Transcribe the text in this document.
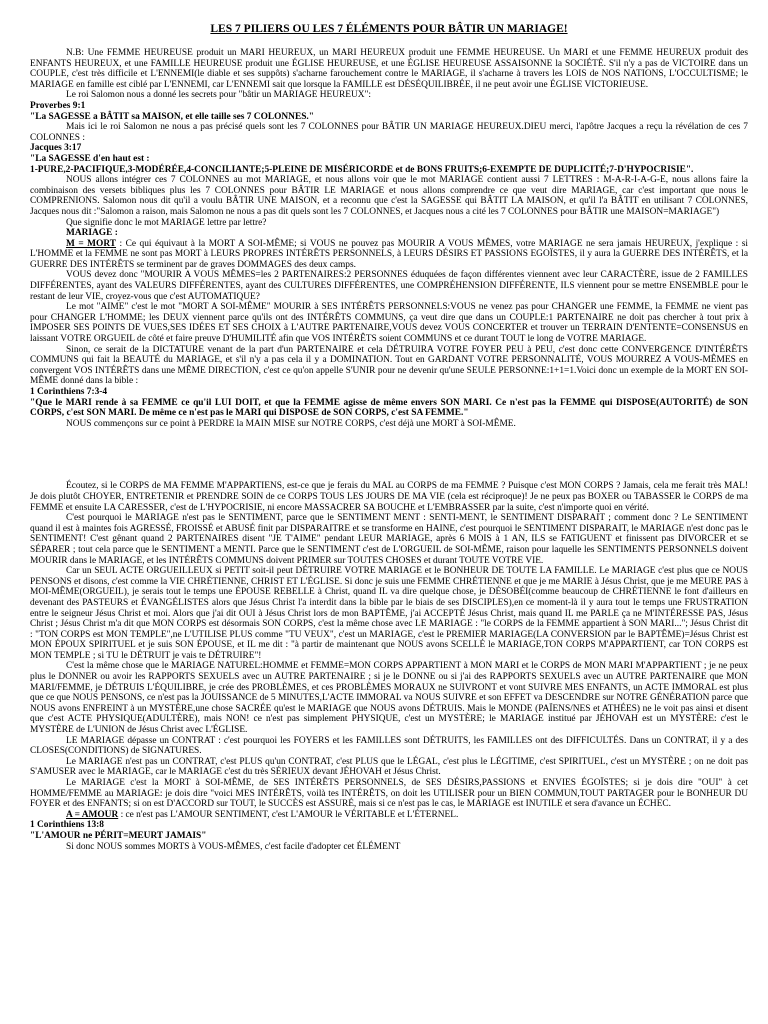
LES 7 PILIERS OU LES 7 ÉLÉMENTS POUR BÂTIR UN MARIAGE!

N.B: Une FEMME HEUREUSE produit un MARI HEUREUX, un MARI HEUREUX produit une FEMME HEUREUSE. Un MARI et une FEMME HEUREUX produit des ENFANTS HEUREUX, et une FAMILLE HEUREUSE produit une ÉGLISE HEUREUSE, et une ÉGLISE HEUREUSE ASSAISONNE la SOCIÉTÉ. S'il n'y a pas de VICTOIRE dans un COUPLE, c'est très difficile et L'ENNEMI(le diable et ses suppôts) s'acharne farouchement contre le MARIAGE, il s'acharne à travers les LOIS de NOS NATIONS, L'OCCULTISME; le MARIAGE en famille est ciblé par L'ENNEMI, car L'ENNEMI sait que lorsque la FAMILLE est DÉSÉQUILIBRÉE, il ne peut avoir une ÉGLISE VICTORIEUSE.

Le roi Salomon nous a donné les secrets pour "bâtir un MARIAGE HEUREUX":

Proverbes 9:1

"La SAGESSE a BÂTIT sa MAISON, et elle taille ses 7 COLONNES."

Mais ici le roi Salomon ne nous a pas précisé quels sont les 7 COLONNES pour BÂTIR UN MARIAGE HEUREUX.DIEU merci, l'apôtre Jacques a reçu la révélation de ces 7 COLONNES :

Jacques 3:17

"La SAGESSE d'en haut est :

1-PURE,2-PACIFIQUE,3-MODÉRÉE,4-CONCILIANTE;5-PLEINE DE MISÉRICORDE et de BONS FRUITS;6-EXEMPTE DE DUPLICITÉ;7-D'HYPOCRISIE".

NOUS allons intégrer ces 7 COLONNES au mot MARIAGE, et nous allons voir que le mot MARIAGE contient aussi 7 LETTRES : M-A-R-I-A-G-E, nous allons faire la combinaison des versets bibliques plus les 7 COLONNES pour BÂTIR LE MARIAGE et nous allons comprendre ce que veut dire MARIAGE, car c'est important que nous le COMPRENIONS. Salomon nous dit qu'il a voulu BÂTIR UNE MAISON, et a reconnu que c'est la SAGESSE qui BÂTIT LA MAISON, et qu'il l'a BÂTIT en utilisant 7 COLONNES, Jacques nous dit :"Salomon a raison, mais Salomon ne nous a pas dit quels sont les 7 COLONNES, et Jacques nous a cité les 7 COLONNES pour BÂTIR une MAISON=MARIAGE")

Que signifie donc le mot MARIAGE lettre par lettre?

MARIAGE :

M = MORT : Ce qui équivaut à la MORT A SOI-MÊME; si VOUS ne pouvez pas MOURIR A VOUS MÊMES, votre MARIAGE ne sera jamais HEUREUX, j'explique : si L'HOMME et la FEMME ne sont pas MORT à LEURS PROPRES INTÉRÊTS PERSONNELS, à LEURS DÉSIRS ET PASSIONS EGOÏSTES, il y aura la GUERRE DES INTÉRÊTS, et la GUERRE DES INTÉRÊTS se terminent par de graves DOMMAGES des deux camps.

VOUS devez donc "MOURIR A VOUS MÊMES=les 2 PARTENAIRES:2 PERSONNES éduquées de façon différentes viennent avec leur CARACTÈRE, issue de 2 FAMILLES DIFFÉRENTES, ayant des VALEURS DIFFÉRENTES, ayant des CULTURES DIFFÉRENTES, une COMPRÉHENSION DIFFÉRENTE, ILS viennent pour se mettre ENSEMBLE pour le restant de leur VIE, croyez-vous que c'est AUTOMATIQUE?

Le mot "AIME" c'est le mot "MORT A SOI-MÊME" MOURIR à SES INTÉRÊTS PERSONNELS:VOUS ne venez pas pour CHANGER une FEMME, la FEMME ne vient pas pour CHANGER L'HOMME; les DEUX viennent parce qu'ils ont des INTÉRÊTS COMMUNS, ça veut dire que dans un COUPLE:1 PARTENAIRE ne doit pas chercher à tout prix à IMPOSER SES POINTS DE VUES,SES IDÉES ET SES CHOIX à L'AUTRE PARTENAIRE,VOUS devez VOUS CONCERTER et trouver un TERRAIN D'ENTENTE=CONSENSUS en laissant VOTRE ORGUEIL de côté et faire preuve D'HUMILITÉ afin que VOS INTÉRÊTS soient COMMUNS et ce durant TOUT le long de VOTRE MARIAGE.

Sinon, ce serait de la DICTATURE venant de la part d'un PARTENAIRE et cela DÉTRUIRA VOTRE FOYER PEU à PEU, c'est donc cette CONVERGENCE D'INTÉRÊTS COMMUNS qui fait la BEAUTÉ du MARIAGE, et s'il n'y a pas cela il y a DOMINATION. Tout en GARDANT VOTRE PERSONNALITÉ, VOUS MOURREZ A VOUS-MÊMES en convergent VOS INTÉRÊTS dans une MÊME DIRECTION, c'est ce qu'on appelle S'UNIR pour ne devenir qu'une SEULE PERSONNE:1+1=1.Voici donc un exemple de la MORT EN SOI-MÊME donné dans la bible :

1 Corinthiens 7:3-4

"Que le MARI rende à sa FEMME ce qu'il LUI DOIT, et que la FEMME agisse de même envers SON MARI. Ce n'est pas la FEMME qui DISPOSE(AUTORITÉ) de SON CORPS, c'est SON MARI. De même ce n'est pas le MARI qui DISPOSE de SON CORPS, c'est SA FEMME."

NOUS commençons sur ce point à PERDRE la MAIN MISE sur NOTRE CORPS, c'est déjà une MORT à SOI-MÊME.

Écoutez, si le CORPS de MA FEMME M'APPARTIENS, est-ce que je ferais du MAL au CORPS de ma FEMME ? Puisque c'est MON CORPS ? Jamais, cela me ferait très MAL! Je dois plutôt CHOYER, ENTRETENIR et PRENDRE SOIN de ce CORPS TOUS LES JOURS DE MA VIE (cela est réciproque)! Je ne peux pas BOXER ou TABASSER le CORPS de ma FEMME et ensuite LA CARESSER, c'est de L'HYPOCRISIE, ni encore MASSACRER SA BOUCHE et L'EMBRASSER par la suite, c'est n'importe quoi en vérité.

C'est pourquoi le MARIAGE n'est pas le SENTIMENT, parce que le SENTIMENT MENT : SENTI-MENT, le SENTIMENT DISPARAIT ; comment donc ? Le SENTIMENT quand il est à maintes fois AGRESSÉ, FROISSÉ et ABUSÉ finit par DISPARAITRE et se transforme en HAINE, c'est pourquoi le SENTIMENT DISPARAIT, le MARIAGE n'est donc pas le SENTIMENT! C'est gênant quand 2 PARTENAIRES disent "JE T'AIME" pendant LEUR MARIAGE, après 6 MOIS à 1 AN, ILS se FATIGUENT et finissent pas DIVORCER et se SÉPARER ; tout cela parce que le SENTIMENT a MENTI. Parce que le SENTIMENT c'est de L'ORGUEIL de SOI-MÊME, raison pour laquelle les SENTIMENTS PERSONNELS doivent MOURIR dans le MARIAGE, et les INTÉRÊTS COMMUNS doivent PRIMER sur TOUTES CHOSES et durant TOUTE VOTRE VIE.

Car un SEUL ACTE ORGUEILLEUX si PETIT soit-il peut DÉTRUIRE VOTRE MARIAGE et le BONHEUR DE TOUTE LA FAMILLE. Le MARIAGE c'est plus que ce NOUS PENSONS et disons, c'est comme la VIE CHRÉTIENNE, CHRIST ET L'ÉGLISE. Si donc je suis une FEMME CHRÉTIENNE et que je me MARIE à Jésus Christ, que je me MEURE PAS à MOI-MÊME(ORGUEIL), je serais tout le temps une ÉPOUSE REBELLE à Christ, quand IL va dire quelque chose, je DÉSOBÉI(comme beaucoup de CHRÉTIENNE le font d'ailleurs en devenant des PASTEURS et ÉVANGÉLISTES alors que Jésus Christ l'a interdit dans la bible par le biais de ses DISCIPLES),en ce moment-là il y aura tout le temps une FRUSTRATION entre le seigneur Jésus Christ et moi. Alors que j'ai dit OUI à Jésus Christ lors de mon BAPTÊME, j'ai ACCEPTÉ Jésus Christ, mais quand IL me PARLE ça ne M'INTÉRESSE PAS, Jésus Christ ; Jésus Christ m'a dit que MON CORPS est désormais SON CORPS, c'est la même chose avec LE MARIAGE : "le CORPS de la FEMME appartient à SON MARI..."; Jésus Christ dit : "TON CORPS est MON TEMPLE",ne L'UTILISE PLUS comme "TU VEUX", c'est un MARIAGE, c'est le PREMIER MARIAGE(LA CONVERSION par le BAPTÊME)=Jésus Christ est MON ÉPOUX SPIRITUEL et je suis SON ÉPOUSE, et IL me dit : "à partir de maintenant que NOUS avons SCELLÉ le MARIAGE,TON CORPS M'APPARTIENT, car TON CORPS est MON TEMPLE ; si TU le DÉTRUIT je vais te DÉTRUIRE"!

C'est la même chose que le MARIAGE NATUREL:HOMME et FEMME=MON CORPS APPARTIENT à MON MARI et le CORPS de MON MARI M'APPARTIENT ; je ne peux plus le DONNER ou avoir les RAPPORTS SEXUELS avec un AUTRE PARTENAIRE ; si je le DONNE ou si j'ai des RAPPORTS SEXUELS avec un AUTRE PARTENAIRE que MON MARI/FEMME, je DÉTRUIS L'ÉQUILIBRE, je crée des PROBLÈMES, et ces PROBLÈMES MORAUX ne SUIVRONT et vont SUIVRE MES ENFANTS, un ACTE IMMORAL est plus que ce que NOUS PENSONS, ce n'est pas la JOUISSANCE de 5 MINUTES,L'ACTE IMMORAL va NOUS SUIVRE et son EFFET va DESCENDRE sur NOTRE GÉNÉRATION parce que NOUS avons ENFREINT à un MYSTÈRE,une chose SACRÉE qu'est le MARIAGE que NOUS avons DÉTRUIS. Mais le MONDE (PAÏENS/NES et ATHÉES) ne le voit pas ainsi et disent que c'est ACTE PHYSIQUE(ADULTÈRE), mais NON! ce n'est pas simplement PHYSIQUE, c'est un MYSTÈRE; le MARIAGE institué par JÉHOVAH est un MYSTÈRE: c'est le MYSTÈRE de L'UNION de Jésus Christ avec L'ÉGLISE.

LE MARIAGE dépasse un CONTRAT : c'est pourquoi les FOYERS et les FAMILLES sont DÉTRUITS, les FAMILLES ont des DIFFICULTÉS. Dans un CONTRAT, il y a des CLOSES(CONDITIONS) de SIGNATURES.

Le MARIAGE n'est pas un CONTRAT, c'est PLUS qu'un CONTRAT, c'est PLUS que le LÉGAL, c'est plus le LÉGITIME, c'est SPIRITUEL, c'est un MYSTÈRE ; on ne doit pas S'AMUSER avec le MARIAGE, car le MARIAGE c'est du très SÉRIEUX devant JÉHOVAH et Jésus Christ.

Le MARIAGE c'est la MORT à SOI-MÊME, de SES INTÉRÊTS PERSONNELS, de SES DÉSIRS,PASSIONS et ENVIES ÉGOÏSTES; si je dois dire "OUI" à cet HOMME/FEMME au MARIAGE: je dois dire "voici MES INTÉRÊTS, voilà tes INTÉRÊTS, on doit les UTILISER pour un BIEN COMMUN,TOUT PARTAGER pour le BONHEUR DU FOYER et des ENFANTS; si on est D'ACCORD sur TOUT, le SUCCÈS est ASSURÉ, mais si ce n'est pas le cas, le MARIAGE est INUTILE et sera d'avance un ÉCHEC.

A = AMOUR : ce n'est pas L'AMOUR SENTIMENT, c'est L'AMOUR le VÉRITABLE et L'ÉTERNEL.

1 Corinthiens 13:8

"L'AMOUR ne PÉRIT=MEURT JAMAIS"

Si donc NOUS sommes MORTS à VOUS-MÊMES, c'est facile d'adopter cet ÉLÉMENT
